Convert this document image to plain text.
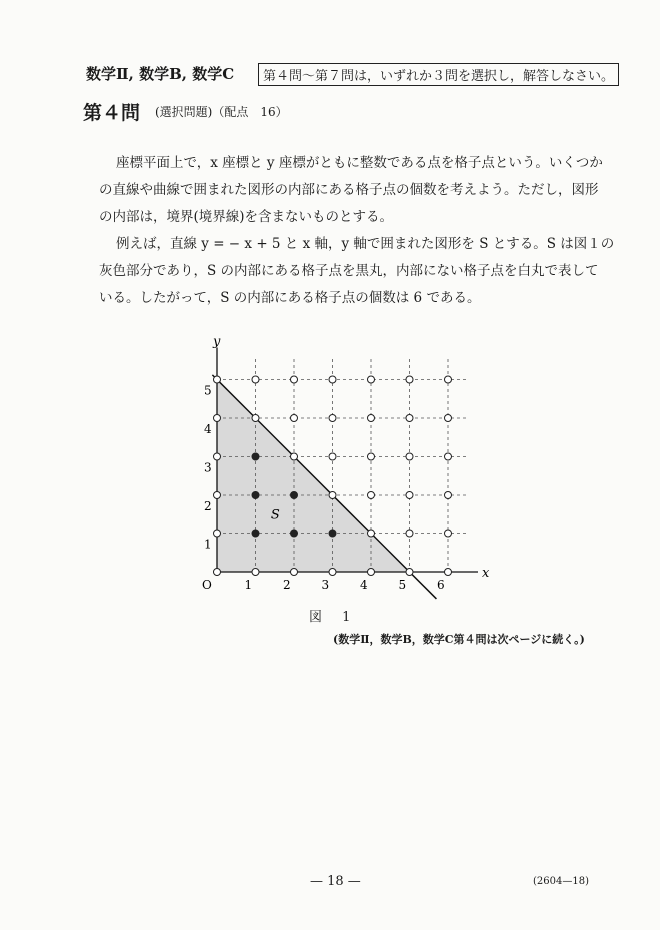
数学Ⅱ, 数学B, 数学C	第４問〜第７問は，いずれか３問を選択し，解答しなさい。
第４問 (選択問題)（配点　16）
座標平面上で，x 座標と y 座標がともに整数である点を格子点という。いくつか
の直線や曲線で囲まれた図形の内部にある格子点の個数を考えよう。ただし，図形
の内部は，境界(境界線)を含まないものとする。
例えば，直線 y = − x + 5 と x 軸，y 軸で囲まれた図形を S とする。S は図１の
灰色部分であり，S の内部にある格子点を黒丸，内部にない格子点を白丸で表して
いる。したがって，S の内部にある格子点の個数は 6 である。
x
y
O	1	2	3	4	5	6
1
2
3
4
5
S
図 1
(数学Ⅱ，数学B，数学C第４問は次ページに続く。)
— 18 —	(2604—18)
